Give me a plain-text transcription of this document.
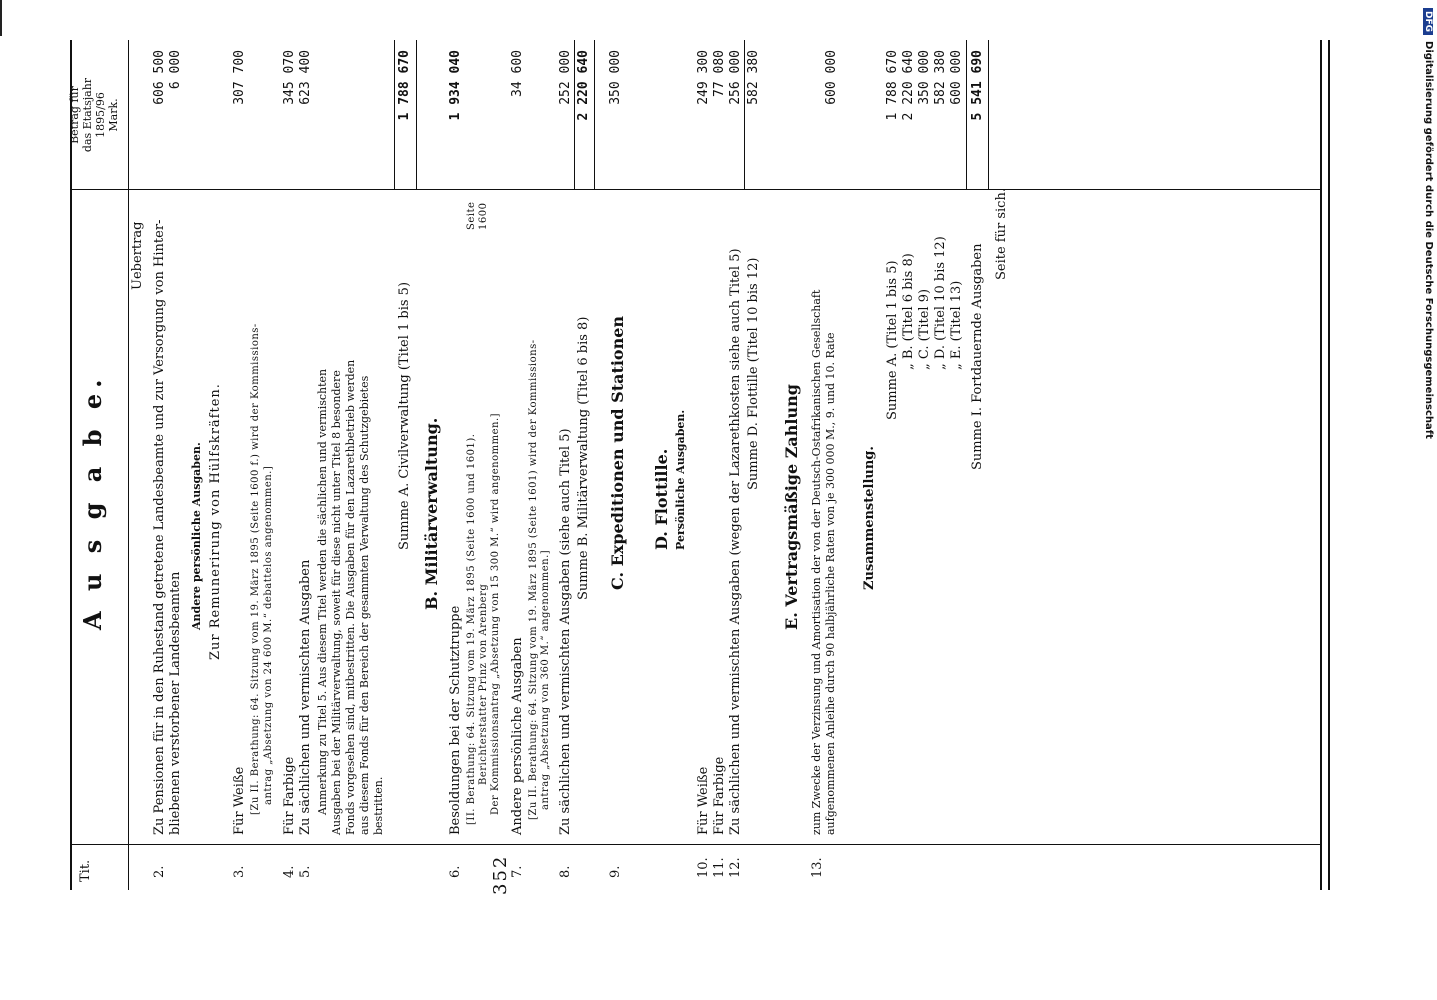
352
Tit.
A u s g a b e.
Betrag für das Etatsjahr 1895/96 Mark.
Uebertrag
2.
Zu Pensionen für in den Ruhestand getretene Landesbeamte und zur Versorgung von Hinter- bliebenen verstorbener Landesbeamten
606 500 6 000
Andere persönliche Ausgaben. Zur Remunerirung von Hülfskräften.
3.
Für Weiße
307 700
[Zu II. Berathung: 64. Sitzung vom 19. März 1895 (Seite 1600 f.) wird der Kommissions- antrag „Absetzung von 24 600 M.“ debattelos angenommen.]
4.
Für Farbige
345 070
5.
Zu sächlichen und vermischten Ausgaben
623 400
Anmerkung zu Titel 5. Aus diesem Titel werden die sächlichen und vermischten Ausgaben bei der Militärverwaltung, soweit für diese nicht unter Titel 8 besondere Fonds vorgesehen sind, mitbestritten. Die Ausgaben für den Lazarethbetrieb werden aus diesem Fonds für den Bereich der gesammten Verwaltung des Schutzgebietes bestritten.
Summe A. Civilverwaltung (Titel 1 bis 5)
1 788 670
B. Militärverwaltung.
6.
Besoldungen bei der Schutztruppe
1 934 040
[II. Berathung: 64. Sitzung vom 19. März 1895 (Seite 1600 und 1601). Berichterstatter Prinz von Arenberg Der Kommissionsantrag „Absetzung von 15 300 M.“ wird angenommen.]
Seite 1600
7.
Andere persönliche Ausgaben
34 600
[Zu II. Berathung: 64. Sitzung vom 19. März 1895 (Seite 1601) wird der Kommissions- antrag „Absetzung von 360 M.“ angenommen.]
8.
Zu sächlichen und vermischten Ausgaben (siehe auch Titel 5)
252 000
Summe B. Militärverwaltung (Titel 6 bis 8)
2 220 640
C. Expeditionen und Stationen
9.
350 000
D. Flottille. Persönliche Ausgaben.
10.
Für Weiße
249 300
11.
Für Farbige
77 080
12.
Zu sächlichen und vermischten Ausgaben (wegen der Lazarethkosten siehe auch Titel 5)
256 000
Summe D. Flottille (Titel 10 bis 12)
582 380
E. Vertragsmäßige Zahlung
13.
zum Zwecke der Verzinsung und Amortisation der von der Deutsch-Ostafrikanischen Gesellschaft aufgenommenen Anleihe durch 90 halbjährliche Raten von je 300 000 M., 9. und 10. Rate
600 000
Zusammenstellung.
Summe A. (Titel 1 bis 5) „ B. (Titel 6 bis 8) „ C. (Titel 9) „ D. (Titel 10 bis 12) „ E. (Titel 13)
1 788 670 2 220 640 350 000 582 380 600 000
Summe I. Fortdauernde Ausgaben
5 541 690
Seite für sich.
DFGDigitalisierung gefördert durch die Deutsche Forschungsgemeinschaft
